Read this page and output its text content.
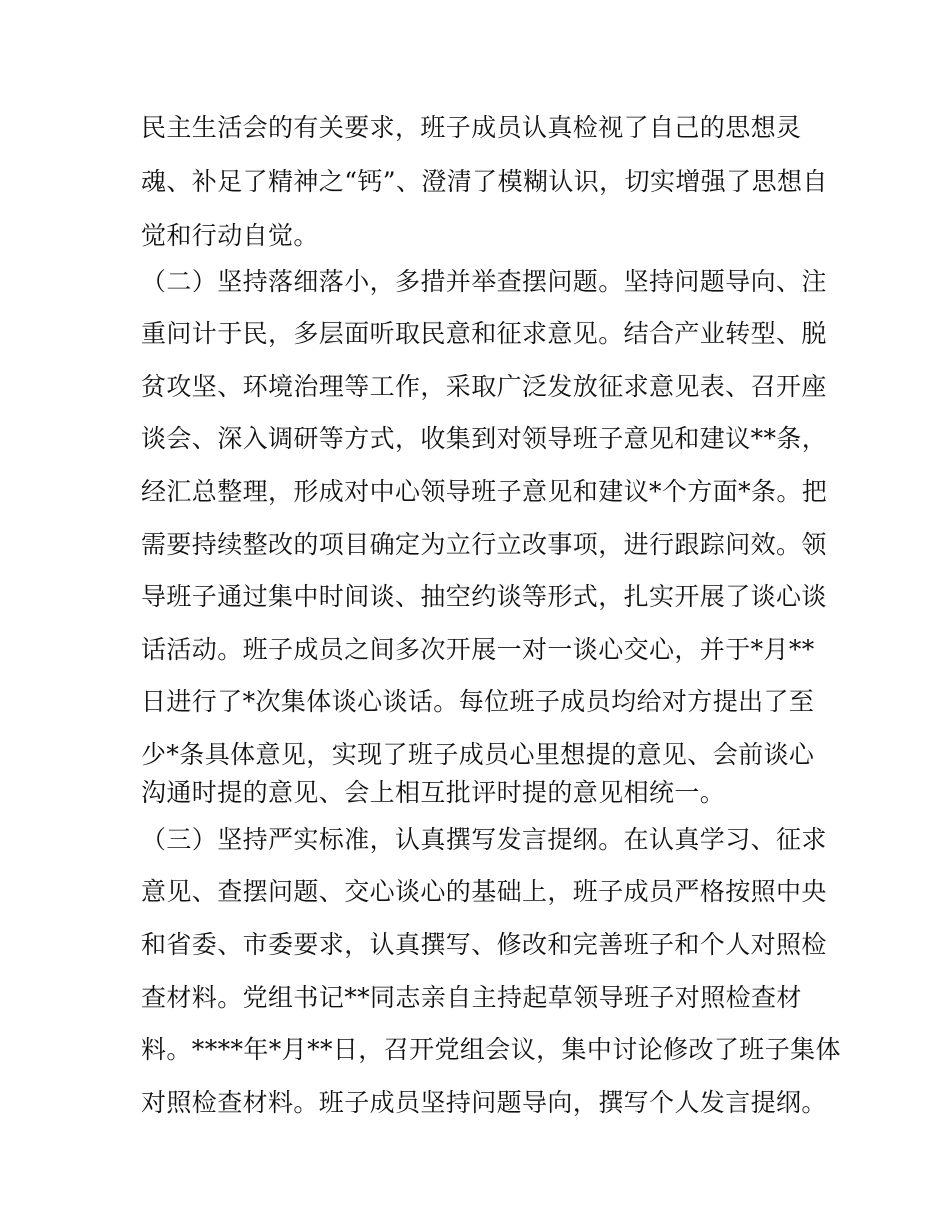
民主生活会的有关要求，班子成员认真检视了自己的思想灵
魂、补足了精神之“钙”、澄清了模糊认识，切实增强了思想自
觉和行动自觉。
（二）坚持落细落小，多措并举查摆问题。坚持问题导向、注
重问计于民，多层面听取民意和征求意见。结合产业转型、脱
贫攻坚、环境治理等工作，采取广泛发放征求意见表、召开座
谈会、深入调研等方式，收集到对领导班子意见和建议**条，
经汇总整理，形成对中心领导班子意见和建议*个方面*条。把
需要持续整改的项目确定为立行立改事项，进行跟踪问效。领
导班子通过集中时间谈、抽空约谈等形式，扎实开展了谈心谈
话活动。班子成员之间多次开展一对一谈心交心，并于*月**
日进行了*次集体谈心谈话。每位班子成员均给对方提出了至
少*条具体意见，实现了班子成员心里想提的意见、会前谈心
沟通时提的意见、会上相互批评时提的意见相统一。
（三）坚持严实标准，认真撰写发言提纲。在认真学习、征求
意见、查摆问题、交心谈心的基础上，班子成员严格按照中央
和省委、市委要求，认真撰写、修改和完善班子和个人对照检
查材料。党组书记**同志亲自主持起草领导班子对照检查材
料。****年*月**日，召开党组会议，集中讨论修改了班子集体
对照检查材料。班子成员坚持问题导向，撰写个人发言提纲。
